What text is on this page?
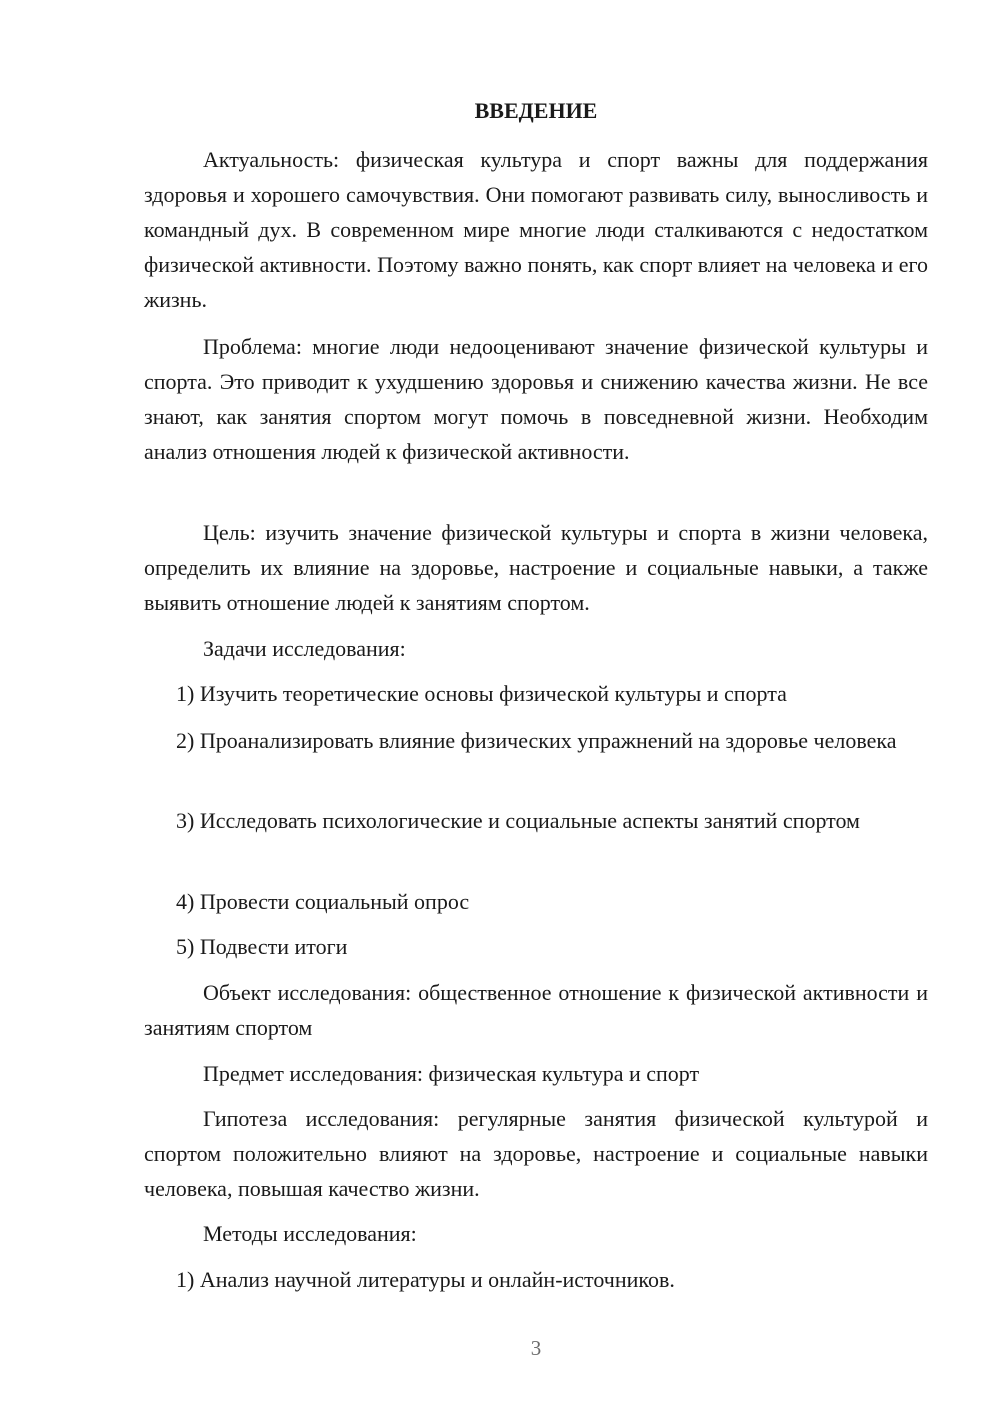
ВВЕДЕНИЕ

Актуальность: физическая культура и спорт важны для поддержания здоровья и хорошего самочувствия. Они помогают развивать силу, выносливость и командный дух. В современном мире многие люди сталкиваются с недостатком физической активности. Поэтому важно понять, как спорт влияет на человека и его жизнь.

Проблема: многие люди недооценивают значение физической культуры и спорта. Это приводит к ухудшению здоровья и снижению качества жизни. Не все знают, как занятия спортом могут помочь в повседневной жизни. Необходим анализ отношения людей к физической активности.

Цель: изучить значение физической культуры и спорта в жизни человека, определить их влияние на здоровье, настроение и социальные навыки, а также выявить отношение людей к занятиям спортом.

Задачи исследования:

1) Изучить теоретические основы физической культуры и спорта

2) Проанализировать влияние физических упражнений на здоровье человека

3) Исследовать психологические и социальные аспекты занятий спортом

4) Провести социальный опрос

5) Подвести итоги

Объект исследования: общественное отношение к физической активности и занятиям спортом

Предмет исследования: физическая культура и спорт

Гипотеза исследования: регулярные занятия физической культурой и спортом положительно влияют на здоровье, настроение и социальные навыки человека, повышая качество жизни.

Методы исследования:

1) Анализ научной литературы и онлайн-источников.

3
